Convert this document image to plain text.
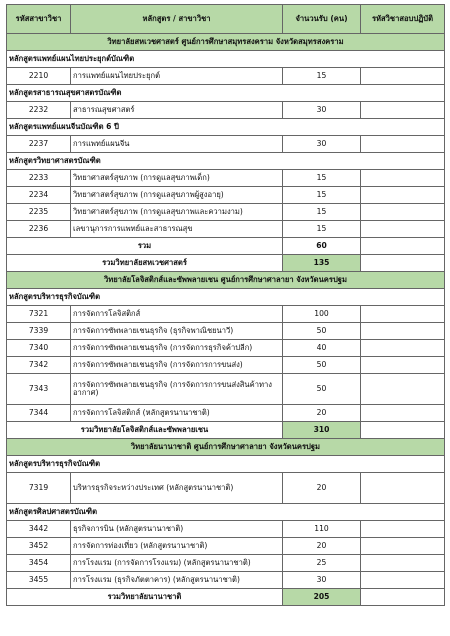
รหัสสาขาวิชา	หลักสูตร / สาขาวิชา	จำนวนรับ (คน)	รหัสวิชาสอบปฏิบัติ
วิทยาลัยสหเวชศาสตร์ ศูนย์การศึกษาสมุทรสงคราม จังหวัดสมุทรสงคราม			
หลักสูตรแพทย์แผนไทยประยุกต์บัณฑิต			
2210	การแพทย์แผนไทยประยุกต์	15	
หลักสูตรสาธารณสุขศาสตรบัณฑิต			
2232	สาธารณสุขศาสตร์	30	
หลักสูตรแพทย์แผนจีนบัณฑิต 6 ปี			
2237	การแพทย์แผนจีน	30	
หลักสูตรวิทยาศาสตรบัณฑิต			
2233	วิทยาศาสตร์สุขภาพ (การดูแลสุขภาพเด็ก)	15	
2234	วิทยาศาสตร์สุขภาพ (การดูแลสุขภาพผู้สูงอายุ)	15	
2235	วิทยาศาสตร์สุขภาพ (การดูแลสุขภาพและความงาม)	15	
2236	เลขานุการการแพทย์และสาธารณสุข	15	
รวม		60	
รวมวิทยาลัยสหเวชศาสตร์		135	
วิทยาลัยโลจิสติกส์และซัพพลายเชน ศูนย์การศึกษาศาลายา จังหวัดนครปฐม			
หลักสูตรบริหารธุรกิจบัณฑิต			
7321	การจัดการโลจิสติกส์	100	
7339	การจัดการซัพพลายเชนธุรกิจ (ธุรกิจพาณิชยนาวี)	50	
7340	การจัดการซัพพลายเชนธุรกิจ (การจัดการธุรกิจค้าปลีก)	40	
7342	การจัดการซัพพลายเชนธุรกิจ (การจัดการการขนส่ง)	50	
7343	การจัดการซัพพลายเชนธุรกิจ (การจัดการการขนส่งสินค้าทางอากาศ)	50	
7344	การจัดการโลจิสติกส์ (หลักสูตรนานาชาติ)	20	
รวมวิทยาลัยโลจิสติกส์และซัพพลายเชน		310	
วิทยาลัยนานาชาติ ศูนย์การศึกษาศาลายา จังหวัดนครปฐม			
หลักสูตรบริหารธุรกิจบัณฑิต			
7319	บริหารธุรกิจระหว่างประเทศ (หลักสูตรนานาชาติ)	20	
หลักสูตรศิลปศาสตรบัณฑิต			
3442	ธุรกิจการบิน (หลักสูตรนานาชาติ)	110	
3452	การจัดการท่องเที่ยว (หลักสูตรนานาชาติ)	20	
3454	การโรงแรม (การจัดการโรงแรม) (หลักสูตรนานาชาติ)	25	
3455	การโรงแรม (ธุรกิจภัตตาคาร) (หลักสูตรนานาชาติ)	30	
รวมวิทยาลัยนานาชาติ		205	
